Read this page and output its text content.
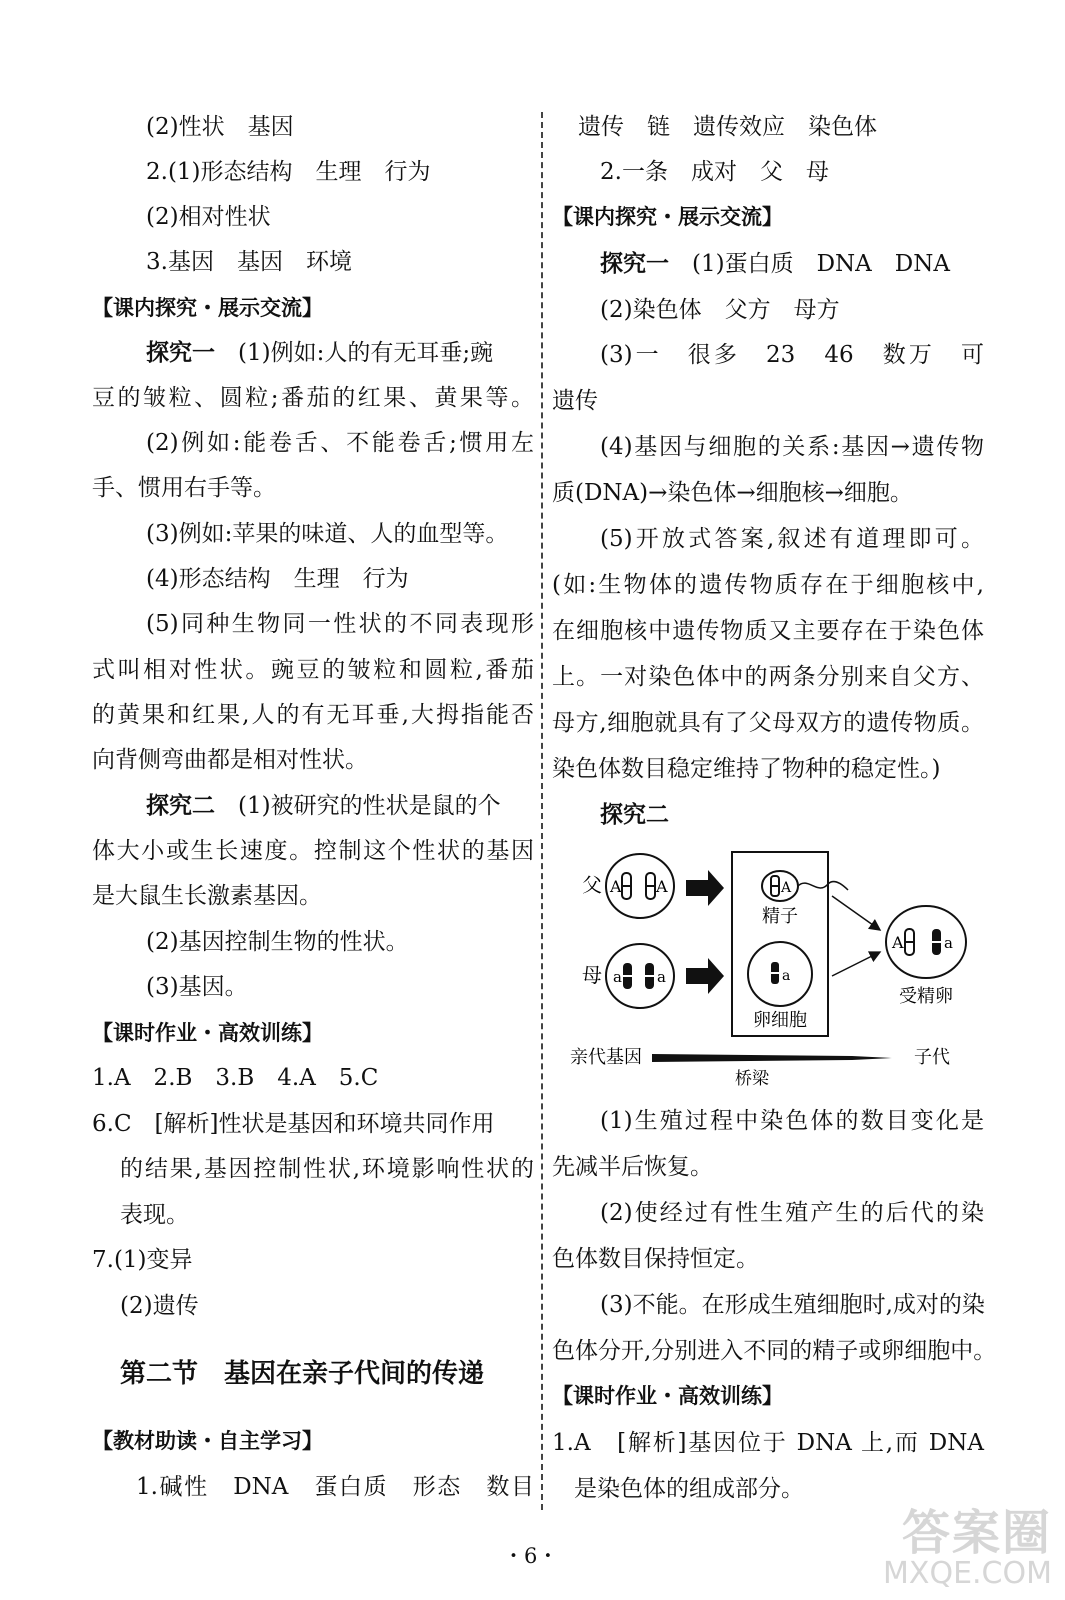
(2)性状　基因
2.(1)形态结构　生理　行为
(2)相对性状
3.基因　基因　环境
【课内探究・展示交流】
探究一　(1)例如:人的有无耳垂;豌
豆的皱粒、圆粒;番茄的红果、黄果等。
(2)例如:能卷舌、不能卷舌;惯用左
手、惯用右手等。
(3)例如:苹果的味道、人的血型等。
(4)形态结构　生理　行为
(5)同种生物同一性状的不同表现形
式叫相对性状。豌豆的皱粒和圆粒,番茄
的黄果和红果,人的有无耳垂,大拇指能否
向背侧弯曲都是相对性状。
探究二　(1)被研究的性状是鼠的个
体大小或生长速度。控制这个性状的基因
是大鼠生长激素基因。
(2)基因控制生物的性状。
(3)基因。
【课时作业・高效训练】
1.A　2.B　3.B　4.A　5.C
6.C　[解析]性状是基因和环境共同作用
的结果,基因控制性状,环境影响性状的
表现。
7.(1)变异
(2)遗传
第二节　基因在亲子代间的传递
【教材助读・自主学习】
1.碱性　DNA　蛋白质　形态　数目
遗传　链　遗传效应　染色体
2.一条　成对　父　母
【课内探究・展示交流】
探究一　(1)蛋白质　DNA　DNA
(2)染色体　父方　母方
(3)一　很多　23　46　数万　可
遗传
(4)基因与细胞的关系:基因→遗传物
质(DNA)→染色体→细胞核→细胞。
(5)开放式答案,叙述有道理即可。
(如:生物体的遗传物质存在于细胞核中,
在细胞核中遗传物质又主要存在于染色体
上。一对染色体中的两条分别来自父方、
母方,细胞就具有了父母双方的遗传物质。
染色体数目稳定维持了物种的稳定性。)
探究二
(1)生殖过程中染色体的数目变化是
先减半后恢复。
(2)使经过有性生殖产生的后代的染
色体数目保持恒定。
(3)不能。在形成生殖细胞时,成对的染
色体分开,分别进入不同的精子或卵细胞中。
【课时作业・高效训练】
1.A　[解析]基因位于 DNA 上,而 DNA
是染色体的组成部分。
父 A A
母 a a
A
精子
a
卵细胞
A	a
受精卵
亲代基因	子代
桥梁
・6・	答案圈
MXQE.COM
